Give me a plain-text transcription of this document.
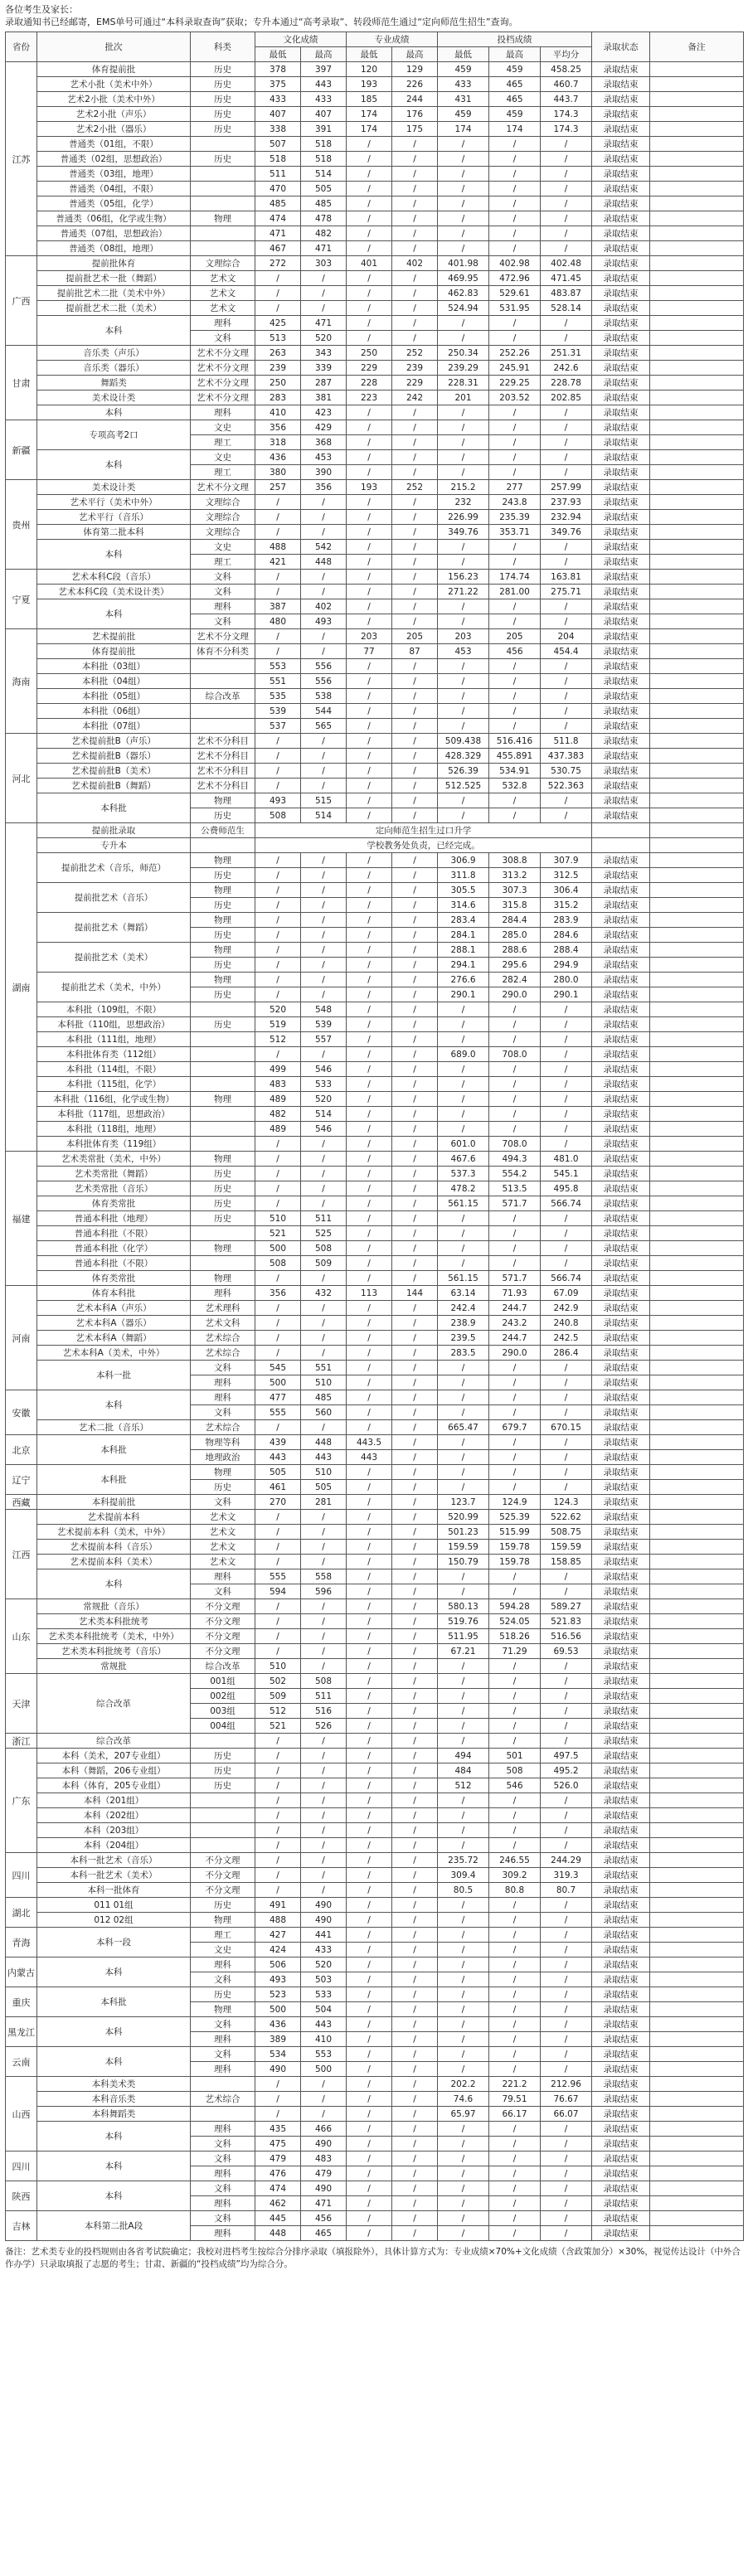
各位考生及家长：
录取通知书已经邮寄，EMS单号可通过“本科录取查询”获取；专升本通过“高考录取”、转段师范生通过“定向师范生招生”查询。
省份	批次	科类	文化成绩		专业成绩		投档成绩			录取状态	备注
			最低	最高	最低	最高	最低	最高	平均分		
江苏	体育提前批	历史	378	397	120	129	459	459	458.25	录取结束	
	艺术小批（美术中外）	历史	375	443	193	226	433	465	460.7	录取结束	
	艺术2小批（美术中外）	历史	433	433	185	244	431	465	443.7	录取结束	
	艺术2小批（声乐）	历史	407	407	174	176	459	459	174.3	录取结束	
	艺术2小批（器乐）	历史	338	391	174	175	174	174	174.3	录取结束	
	普通类（01组，不限）		507	518	/	/	/	/	/	录取结束	
	普通类（02组，思想政治）	历史	518	518	/	/	/	/	/	录取结束	
	普通类（03组，地理）		511	514	/	/	/	/	/	录取结束	
	普通类（04组，不限）		470	505	/	/	/	/	/	录取结束	
	普通类（05组，化学）		485	485	/	/	/	/	/	录取结束	
	普通类（06组，化学或生物）	物理	474	478	/	/	/	/	/	录取结束	
	普通类（07组，思想政治）		471	482	/	/	/	/	/	录取结束	
	普通类（08组，地理）		467	471	/	/	/	/	/	录取结束	
广西	提前批体育	文理综合	272	303	401	402	401.98	402.98	402.48	录取结束	
	提前批艺术一批（舞蹈）	艺术文	/	/	/	/	469.95	472.96	471.45	录取结束	
	提前批艺术二批（美术中外）	艺术文	/	/	/	/	462.83	529.61	483.87	录取结束	
	提前批艺术二批（美术）	艺术文	/	/	/	/	524.94	531.95	528.14	录取结束	
	本科	理科	425	471	/	/	/	/	/	录取结束	
		文科	513	520	/	/	/	/	/	录取结束	
甘肃	音乐类（声乐）	艺术不分文理	263	343	250	252	250.34	252.26	251.31	录取结束	
	音乐类（器乐）	艺术不分文理	239	339	229	239	239.29	245.91	242.6	录取结束	
	舞蹈类	艺术不分文理	250	287	228	229	228.31	229.25	228.78	录取结束	
	美术设计类	艺术不分文理	283	381	223	242	201	203.52	202.85	录取结束	
	本科	理科	410	423	/	/	/	/	/	录取结束	
新疆	专项高考2口	文史	356	429	/	/	/	/	/	录取结束	
		理工	318	368	/	/	/	/	/	录取结束	
	本科	文史	436	453	/	/	/	/	/	录取结束	
		理工	380	390	/	/	/	/	/	录取结束	
贵州	美术设计类	艺术不分文理	257	356	193	252	215.2	277	257.99	录取结束	
	艺术平行（美术中外）	文理综合	/	/	/	/	232	243.8	237.93	录取结束	
	艺术平行（音乐）	文理综合	/	/	/	/	226.99	235.39	232.94	录取结束	
	体育第二批本科	文理综合	/	/	/	/	349.76	353.71	349.76	录取结束	
	本科	文史	488	542	/	/	/	/	/	录取结束	
		理工	421	448	/	/	/	/	/	录取结束	
宁夏	艺术本科C段（音乐）	文科	/	/	/	/	156.23	174.74	163.81	录取结束	
	艺术本科C段（美术设计类）	文科	/	/	/	/	271.22	281.00	275.71	录取结束	
	本科	理科	387	402	/	/	/	/	/	录取结束	
		文科	480	493	/	/	/	/	/	录取结束	
海南	艺术提前批	艺术不分文理	/	/	203	205	203	205	204	录取结束	
	体育提前批	体育不分科类	/	/	77	87	453	456	454.4	录取结束	
	本科批（03组）		553	556	/	/	/	/	/	录取结束	
	本科批（04组）		551	556	/	/	/	/	/	录取结束	
	本科批（05组）	综合改革	535	538	/	/	/	/	/	录取结束	
	本科批（06组）		539	544	/	/	/	/	/	录取结束	
	本科批（07组）		537	565	/	/	/	/	/	录取结束	
河北	艺术提前批B（声乐）	艺术不分科目	/	/	/	/	509.438	516.416	511.8	录取结束	
	艺术提前批B（器乐）	艺术不分科目	/	/	/	/	428.329	455.891	437.383	录取结束	
	艺术提前批B（美术）	艺术不分科目	/	/	/	/	526.39	534.91	530.75	录取结束	
	艺术提前批B（舞蹈）	艺术不分科目	/	/	/	/	512.525	532.8	522.363	录取结束	
	本科批	物理	493	515	/	/	/	/	/	录取结束	
		历史	508	514	/	/	/	/	/	录取结束	
湖南	提前批录取	公费师范生	定向师范生招生过口升学								
	专升本		学校教务处负责，已经完成。								
	提前批艺术（音乐，师范）	物理	/	/	/	/	306.9	308.8	307.9	录取结束	
		历史	/	/	/	/	311.8	313.2	312.5	录取结束	
	提前批艺术（音乐）	物理	/	/	/	/	305.5	307.3	306.4	录取结束	
		历史	/	/	/	/	314.6	315.8	315.2	录取结束	
	提前批艺术（舞蹈）	物理	/	/	/	/	283.4	284.4	283.9	录取结束	
		历史	/	/	/	/	284.1	285.0	284.6	录取结束	
	提前批艺术（美术）	物理	/	/	/	/	288.1	288.6	288.4	录取结束	
		历史	/	/	/	/	294.1	295.6	294.9	录取结束	
	提前批艺术（美术，中外）	物理	/	/	/	/	276.6	282.4	280.0	录取结束	
		历史	/	/	/	/	290.1	290.0	290.1	录取结束	
	本科批（109组，不限）		520	548	/	/	/	/	/	录取结束	
	本科批（110组，思想政治）	历史	519	539	/	/	/	/	/	录取结束	
	本科批（111组，地理）		512	557	/	/	/	/	/	录取结束	
	本科批体育类（112组）		/	/	/	/	689.0	708.0	/	录取结束	
	本科批（114组，不限）		499	546	/	/	/	/	/	录取结束	
	本科批（115组，化学）		483	533	/	/	/	/	/	录取结束	
	本科批（116组，化学或生物）	物理	489	520	/	/	/	/	/	录取结束	
	本科批（117组，思想政治）		482	514	/	/	/	/	/	录取结束	
	本科批（118组，地理）		489	546	/	/	/	/	/	录取结束	
	本科批体育类（119组）		/	/	/	/	601.0	708.0	/	录取结束	
福建	艺术类常批（美术，中外）	物理	/	/	/	/	467.6	494.3	481.0	录取结束	
	艺术类常批（舞蹈）	历史	/	/	/	/	537.3	554.2	545.1	录取结束	
	艺术类常批（音乐）	历史	/	/	/	/	478.2	513.5	495.8	录取结束	
	体育类常批	历史	/	/	/	/	561.15	571.7	566.74	录取结束	
	普通本科批（地理）	历史	510	511	/	/	/	/	/	录取结束	
	普通本科批（不限）		521	525	/	/	/	/	/	录取结束	
	普通本科批（化学）	物理	500	508	/	/	/	/	/	录取结束	
	普通本科批（不限）		508	509	/	/	/	/	/	录取结束	
	体育类常批	物理	/	/	/	/	561.15	571.7	566.74	录取结束	
河南	体育本科批	理科	356	432	113	144	63.14	71.93	67.09	录取结束	
	艺术本科A（声乐）	艺术理科	/	/	/	/	242.4	244.7	242.9	录取结束	
	艺术本科A（器乐）	艺术文科	/	/	/	/	238.9	243.2	240.8	录取结束	
	艺术本科A（舞蹈）	艺术综合	/	/	/	/	239.5	244.7	242.5	录取结束	
	艺术本科A（美术，中外）	艺术综合	/	/	/	/	283.5	290.0	286.4	录取结束	
	本科一批	文科	545	551	/	/	/	/	/	录取结束	
		理科	500	510	/	/	/	/	/	录取结束	
安徽	本科	理科	477	485	/	/	/	/	/	录取结束	
		文科	555	560	/	/	/	/	/	录取结束	
	艺术二批（音乐）	艺术综合	/	/	/	/	665.47	679.7	670.15	录取结束	
北京	本科批	物理等科	439	448	443.5	/	/	/	/	录取结束	
		地理政治	443	443	443	/	/	/	/	录取结束	
辽宁	本科批	物理	505	510	/	/	/	/	/	录取结束	
		历史	461	505	/	/	/	/	/	录取结束	
西藏	本科提前批	文科	270	281	/	/	123.7	124.9	124.3	录取结束	
江西	艺术提前本科	艺术文	/	/	/	/	520.99	525.39	522.62	录取结束	
	艺术提前本科（美术，中外）	艺术文	/	/	/	/	501.23	515.99	508.75	录取结束	
	艺术提前本科（音乐）	艺术文	/	/	/	/	159.59	159.78	159.59	录取结束	
	艺术提前本科（美术）	艺术文	/	/	/	/	150.79	159.78	158.85	录取结束	
	本科	理科	555	558	/	/	/	/	/	录取结束	
		文科	594	596	/	/	/	/	/	录取结束	
山东	常规批（音乐）	不分文理	/	/	/	/	580.13	594.28	589.27	录取结束	
	艺术类本科批统考	不分文理	/	/	/	/	519.76	524.05	521.83	录取结束	
	艺术类本科批统考（美术，中外）	不分文理	/	/	/	/	511.95	518.26	516.56	录取结束	
	艺术类本科批统考（音乐）	不分文理	/	/	/	/	67.21	71.29	69.53	录取结束	
	常规批	综合改革	510	/	/	/	/	/	/	录取结束	
天津	综合改革	001组	502	508	/	/	/	/	/	录取结束	
		002组	509	511	/	/	/	/	/	录取结束	
		003组	512	516	/	/	/	/	/	录取结束	
		004组	521	526	/	/	/	/	/	录取结束	
浙江	综合改革		/	/	/	/	/	/	/	录取结束	
广东	本科（美术，207专业组）	历史	/	/	/	/	494	501	497.5	录取结束	
	本科（舞蹈，206专业组）	历史	/	/	/	/	484	508	495.2	录取结束	
	本科（体育，205专业组）	历史	/	/	/	/	512	546	526.0	录取结束	
	本科（201组）		/	/	/	/	/	/	/	录取结束	
	本科（202组）		/	/	/	/	/	/	/	录取结束	
	本科（203组）		/	/	/	/	/	/	/	录取结束	
	本科（204组）		/	/	/	/	/	/	/	录取结束	
四川	本科一批艺术（音乐）	不分文理	/	/	/	/	235.72	246.55	244.29	录取结束	
	本科一批艺术（美术）	不分文理	/	/	/	/	309.4	309.2	319.3	录取结束	
	本科一批体育	不分文理	/	/	/	/	80.5	80.8	80.7	录取结束	
湖北	011 01组	历史	491	490	/	/	/	/	/	录取结束	
	012 02组	物理	488	490	/	/	/	/	/	录取结束	
青海	本科一段	理工	427	441	/	/	/	/	/	录取结束	
		文史	424	433	/	/	/	/	/	录取结束	
内蒙古	本科	理科	506	520	/	/	/	/	/	录取结束	
		文科	493	503	/	/	/	/	/	录取结束	
重庆	本科批	历史	523	533	/	/	/	/	/	录取结束	
		物理	500	504	/	/	/	/	/	录取结束	
黑龙江	本科	文科	436	443	/	/	/	/	/	录取结束	
		理科	389	410	/	/	/	/	/	录取结束	
云南	本科	文科	534	553	/	/	/	/	/	录取结束	
		理科	490	500	/	/	/	/	/	录取结束	
山西	本科美术类		/	/	/	/	202.2	221.2	212.96	录取结束	
	本科音乐类	艺术综合	/	/	/	/	74.6	79.51	76.67	录取结束	
	本科舞蹈类		/	/	/	/	65.97	66.17	66.07	录取结束	
	本科	理科	435	466	/	/	/	/	/	录取结束	
		文科	475	490	/	/	/	/	/	录取结束	
四川	本科	文科	479	483	/	/	/	/	/	录取结束	
		理科	476	479	/	/	/	/	/	录取结束	
陕西	本科	文科	474	490	/	/	/	/	/	录取结束	
		理科	462	471	/	/	/	/	/	录取结束	
吉林	本科第二批A段	文科	445	456	/	/	/	/	/	录取结束	
		理科	448	465	/	/	/	/	/	录取结束	
备注：艺术类专业的投档规则由各省考试院确定；我校对进档考生按综合分排序录取（填报除外），具体计算方式为：专业成绩×70%+文化成绩（含政策加分）×30%，视觉传达设计（中外合作办学）只录取填报了志愿的考生；甘肃、新疆的“投档成绩”均为综合分。
